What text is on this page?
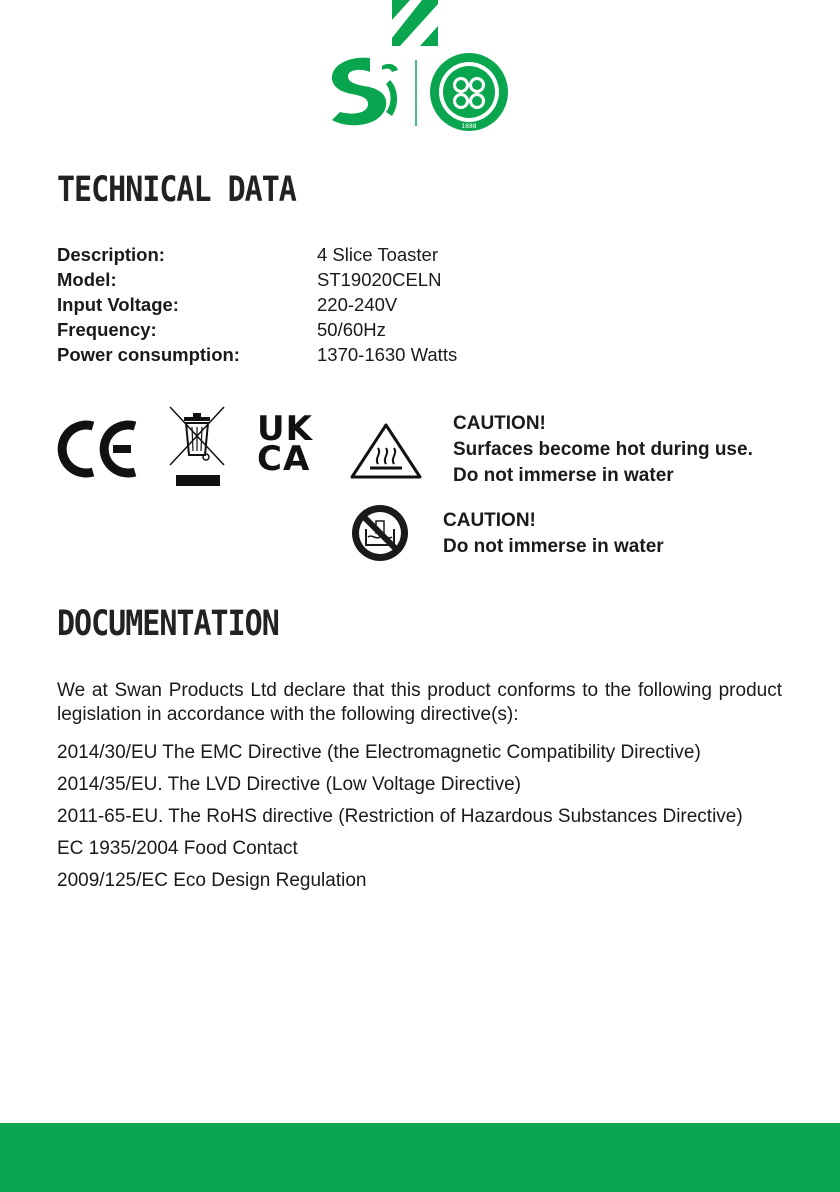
1888
TECHNICAL DATA
Description:	4 Slice Toaster
Model:	ST19020CELN
Input Voltage:	220-240V
Frequency:	50/60Hz
Power consumption:	1370-1630 Watts
UK
CA
CAUTION!
Surfaces become hot during use.
Do not immerse in water
CAUTION!
Do not immerse in water
DOCUMENTATION
We at Swan Products Ltd declare that this product conforms to the following product legislation in accordance with the following directive(s):
2014/30/EU The EMC Directive (the Electromagnetic Compatibility Directive)
2014/35/EU. The LVD Directive (Low Voltage Directive)
2011-65-EU. The RoHS directive (Restriction of Hazardous Substances Directive)
EC 1935/2004 Food Contact
2009/125/EC Eco Design Regulation
